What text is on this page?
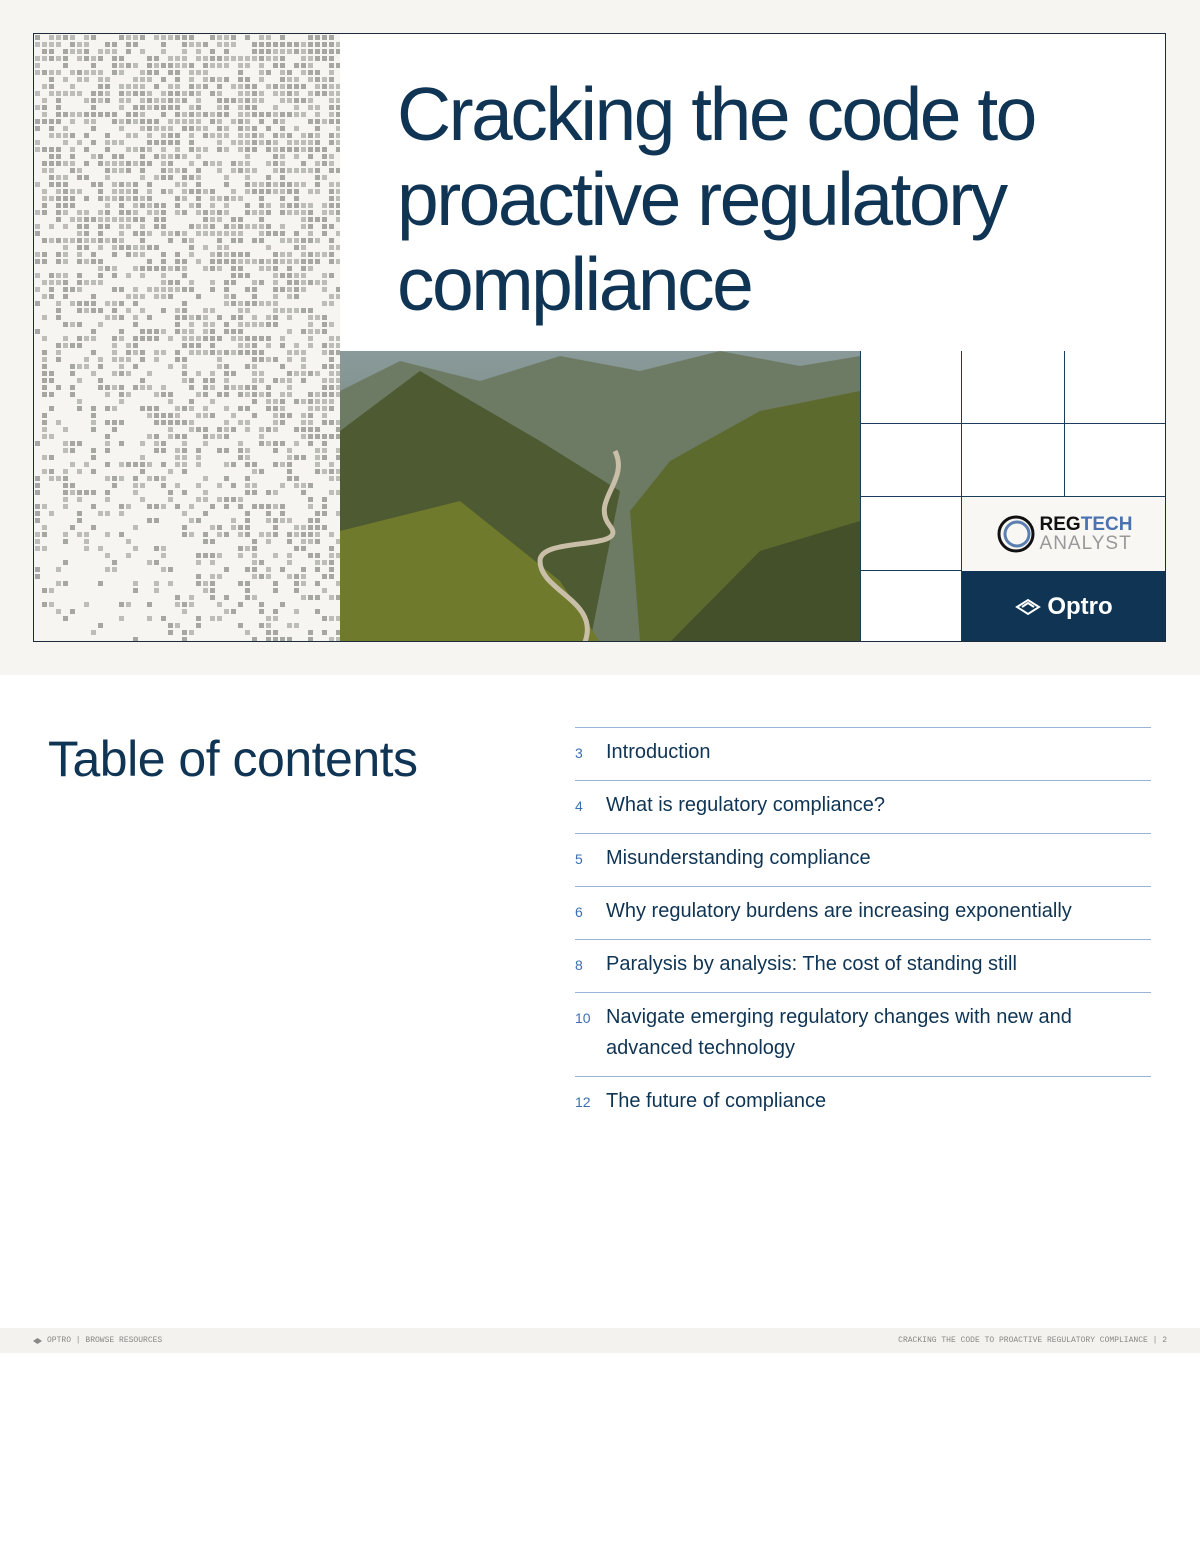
Cracking the code to proactive regulatory compliance
REGTECH
ANALYST
Optro
Table of contents	3	Introduction
4	What is regulatory compliance?
5	Misunderstanding compliance
6	Why regulatory burdens are increasing exponentially
8	Paralysis by analysis: The cost of standing still
10 Navigate emerging regulatory changes with new and advanced technology
12 The future of compliance
OPTRO | BROWSE RESOURCES	CRACKING THE CODE TO PROACTIVE REGULATORY COMPLIANCE | 2
